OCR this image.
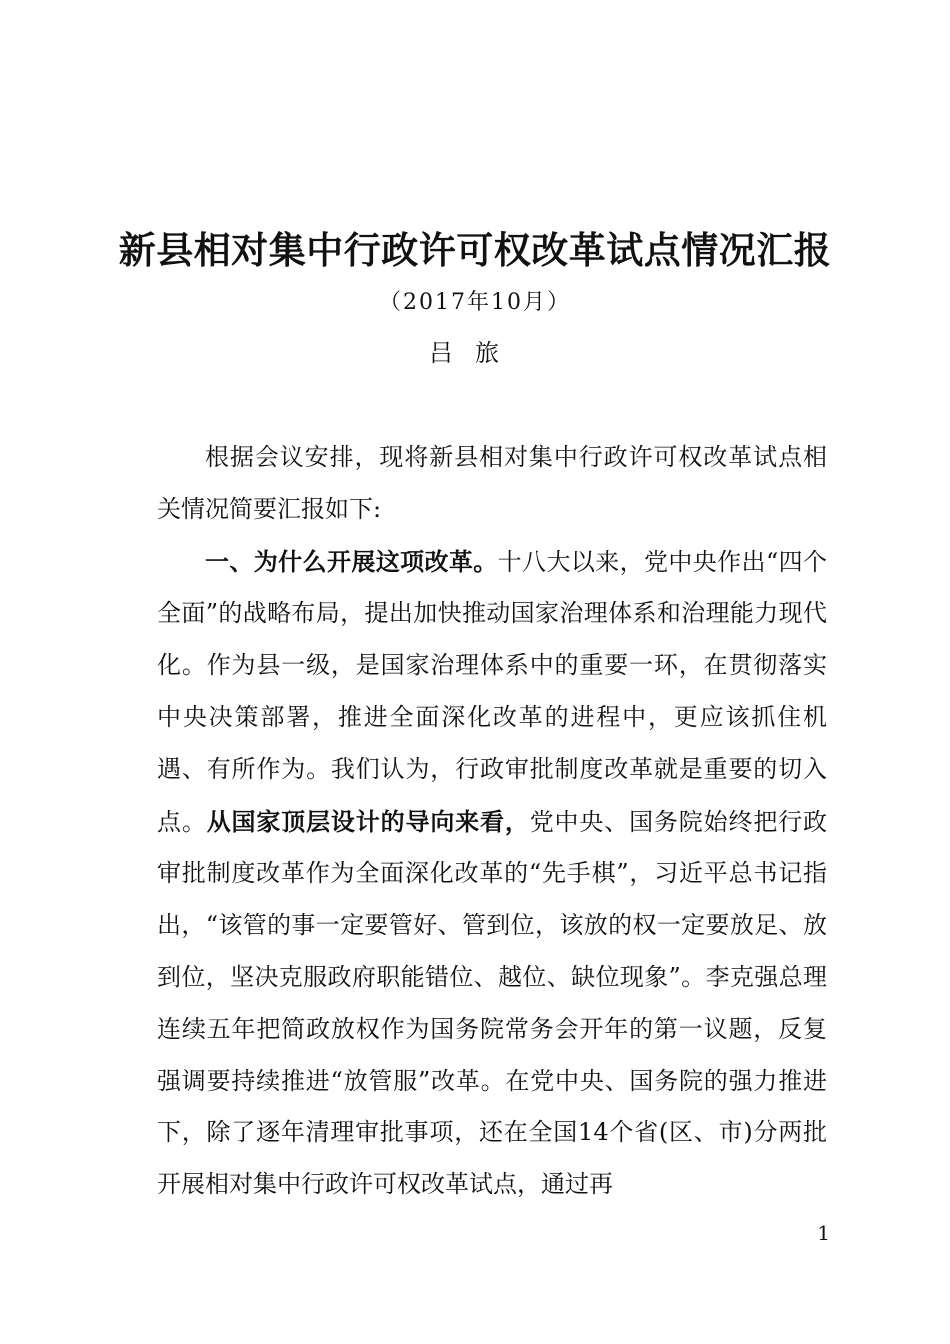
新县相对集中行政许可权改革试点情况汇报
（2017年10月）
吕旅

根据会议安排，现将新县相对集中行政许可权改革试点相关情况简要汇报如下:

一、为什么开展这项改革。十八大以来，党中央作出“四个全面”的战略布局，提出加快推动国家治理体系和治理能力现代化。作为县一级，是国家治理体系中的重要一环，在贯彻落实中央决策部署，推进全面深化改革的进程中，更应该抓住机遇、有所作为。我们认为，行政审批制度改革就是重要的切入点。从国家顶层设计的导向来看，党中央、国务院始终把行政审批制度改革作为全面深化改革的“先手棋”，习近平总书记指出，“该管的事一定要管好、管到位，该放的权一定要放足、放到位，坚决克服政府职能错位、越位、缺位现象”。李克强总理连续五年把简政放权作为国务院常务会开年的第一议题，反复强调要持续推进“放管服”改革。在党中央、国务院的强力推进下，除了逐年清理审批事项，还在全国14个省(区、市)分两批开展相对集中行政许可权改革试点，通过再

1
